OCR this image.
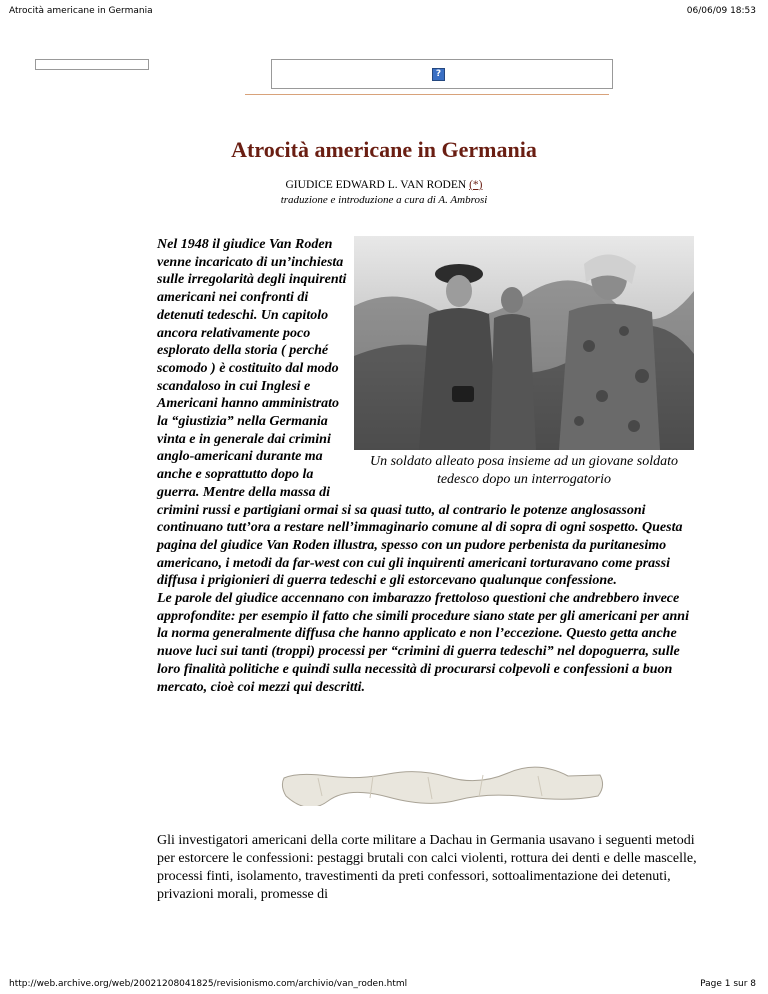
Atrocità americane in Germania	06/06/09 18:53
?
Atrocità americane in Germania
GIUDICE EDWARD L. VAN RODEN (*)
traduzione e introduzione a cura di A. Ambrosi
Un soldato alleato posa insieme ad un giovane soldato tedesco dopo un interrogatorio

Nel 1948 il giudice Van Roden venne incaricato di un’inchiesta sulle irregolarità degli inquirenti americani nei confronti di detenuti tedeschi. Un capitolo ancora relativamente poco esplorato della storia ( perché scomodo ) è costituito dal modo scandaloso in cui Inglesi e Americani hanno amministrato la “giustizia” nella Germania vinta e in generale dai crimini anglo-americani durante ma anche e soprattutto dopo la guerra. Mentre della massa di crimini russi e partigiani ormai si sa quasi tutto, al contrario le potenze anglosassoni continuano tutt’ora a restare nell’immaginario comune al di sopra di ogni sospetto. Questa pagina del giudice Van Roden illustra, spesso con un pudore perbenista da puritanesimo americano, i metodi da far-west con cui gli inquirenti americani torturavano come prassi diffusa i prigionieri di guerra tedeschi e gli estorcevano qualunque confessione.

Le parole del giudice accennano con imbarazzo frettoloso questioni che andrebbero invece approfondite: per esempio il fatto che simili procedure siano state per gli americani per anni la norma generalmente diffusa che hanno applicato e non l’eccezione. Questo getta anche nuove luci sui tanti (troppi) processi per “crimini di guerra tedeschi” nel dopoguerra, sulle loro finalità politiche e quindi sulla necessità di procurarsi colpevoli e confessioni a buon mercato, cioè coi mezzi qui descritti.

Gli investigatori americani della corte militare a Dachau in Germania usavano i seguenti metodi per estorcere le confessioni: pestaggi brutali con calci violenti, rottura dei denti e delle mascelle, processi finti, isolamento, travestimenti da preti confessori, sottoalimentazione dei detenuti, privazioni morali, promesse di
http://web.archive.org/web/20021208041825/revisionismo.com/archivio/van_roden.html	Page 1 sur 8
